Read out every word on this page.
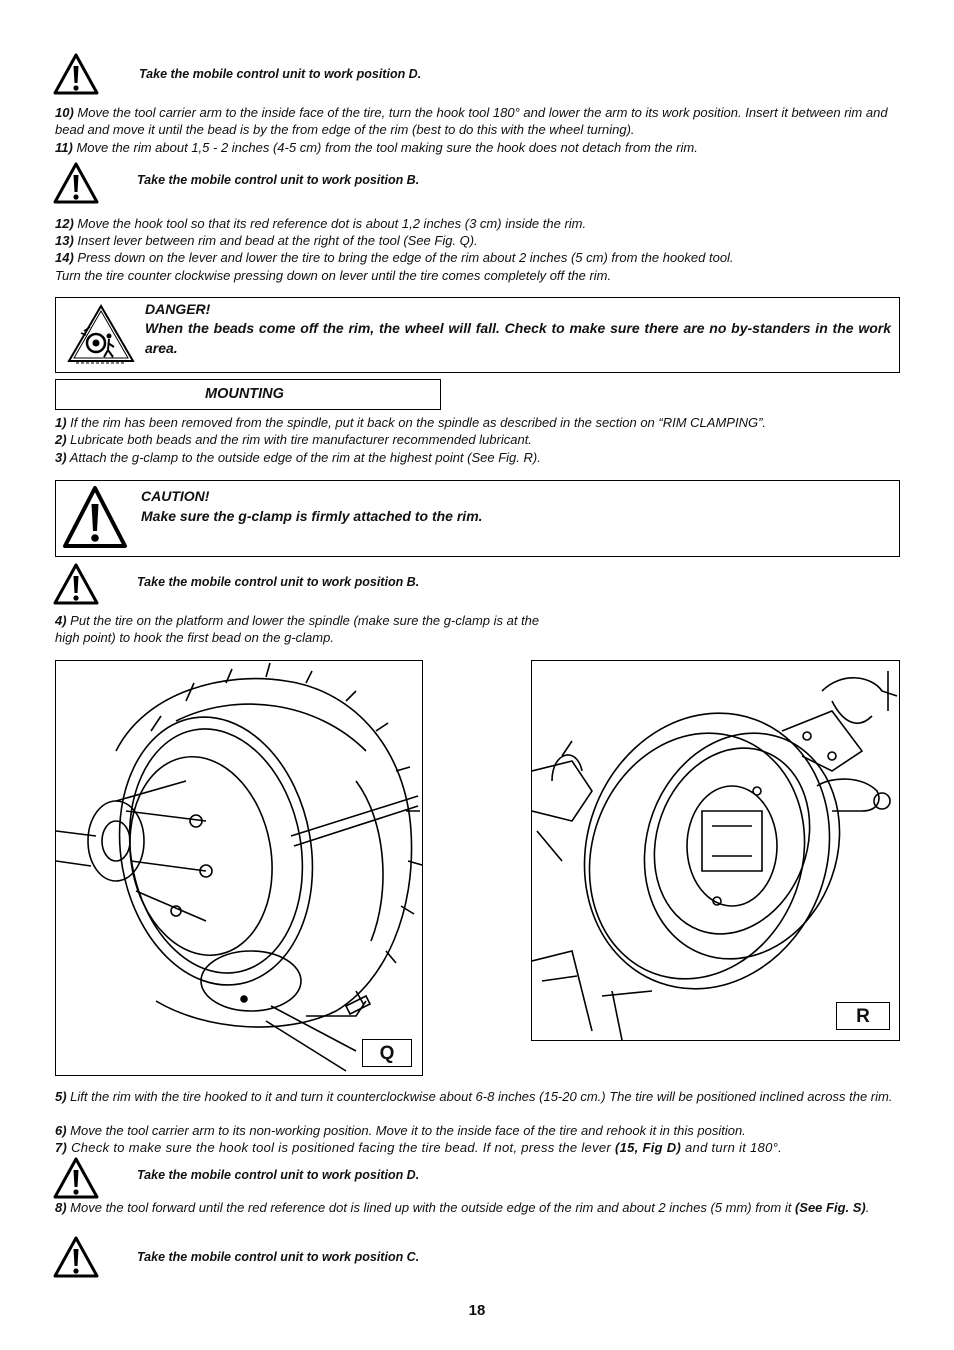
Take the mobile control unit to work position D.
10) Move the tool carrier arm to the inside face of the tire, turn the hook tool 180° and lower the arm to its work position. Insert it between rim and bead and move it until the bead is by the from edge of the rim (best to do this with the wheel turning).
11) Move the rim about 1,5 - 2 inches (4-5 cm) from the tool making sure the hook does not detach from the rim.
Take the mobile control unit to work position B.
12) Move the hook tool so that its red reference dot is about 1,2 inches (3 cm) inside the rim.
13) Insert lever between rim and bead at the right of the tool (See Fig. Q).
14) Press down on the lever and lower the tire to bring the edge of the rim about 2 inches (5 cm) from the hooked tool.
Turn the tire counter clockwise pressing down on lever until the tire comes completely off the rim.
DANGER!
When the beads come off the rim, the wheel will fall. Check to make sure there are no by-standers in the work area.
MOUNTING
1) If the rim has been removed from the spindle, put it back on the spindle as described in the section on “RIM CLAMPING”.
2) Lubricate both beads and the rim with tire manufacturer recommended lubricant.
3) Attach the g-clamp to the outside edge of the rim at the highest point (See Fig. R).
CAUTION!
Make sure the g-clamp is firmly attached to the rim.
Take the mobile control unit to work position B.
4) Put the tire on the platform and lower the spindle (make sure the g-clamp is at the high point) to hook the first bead on the g-clamp.
Q
R
5) Lift the rim with the tire hooked to it and turn it counterclockwise about 6-8 inches (15-20 cm.) The tire will be positioned inclined across the rim.
6) Move the tool carrier arm to its non-working position. Move it to the inside face of the tire and rehook it in this position.
7) Check to make sure the hook tool is positioned facing the tire bead. If not, press the lever (15, Fig D) and turn it 180°.
Take the mobile control unit to work position D.
8) Move the tool forward until the red reference dot is lined up with the outside edge of the rim and about 2 inches (5 mm) from it (See Fig. S).
Take the mobile control unit to work position C.
18
